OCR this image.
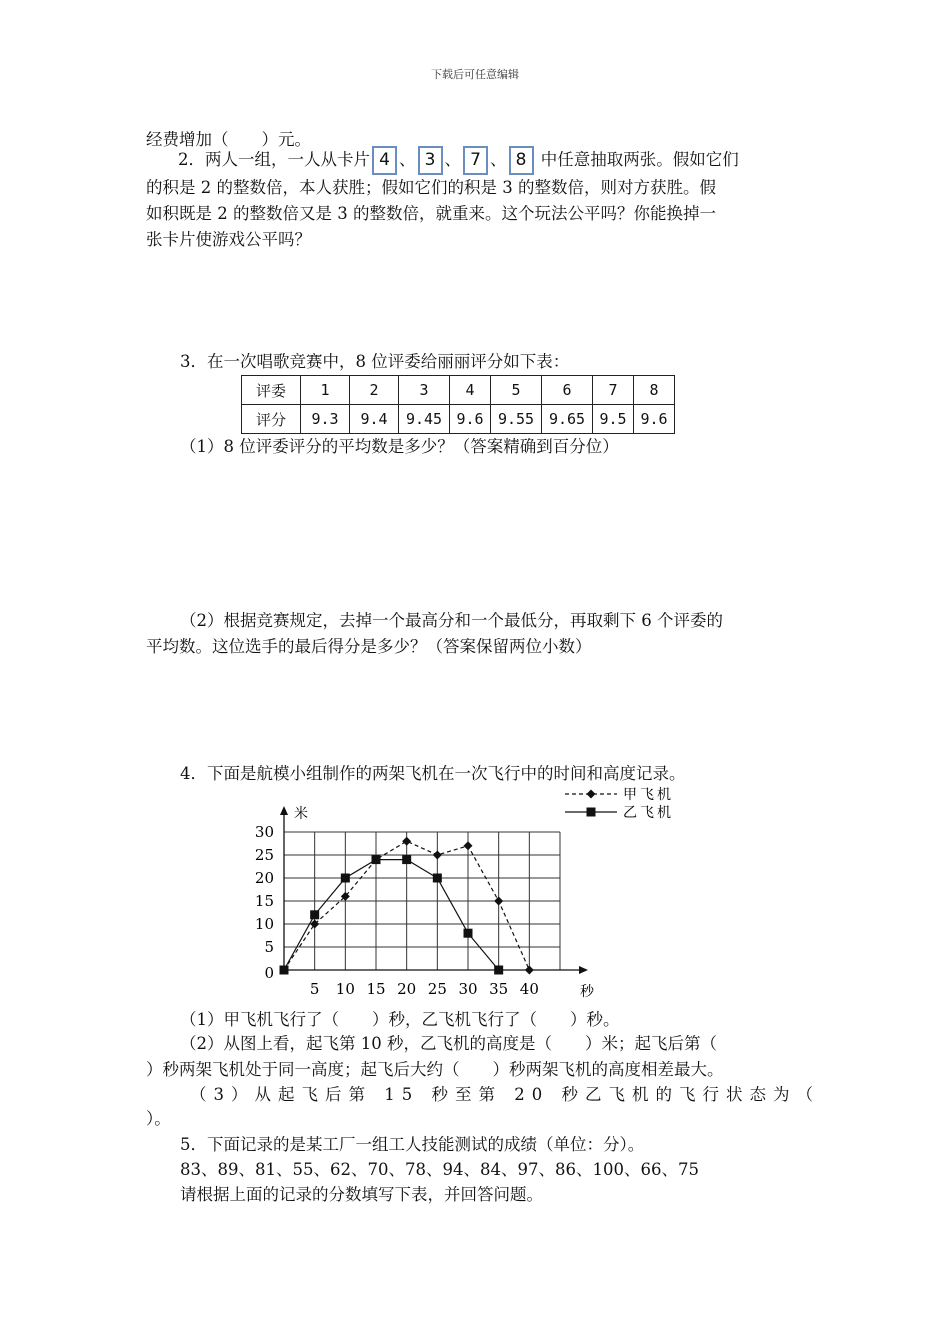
下载后可任意编辑
经费增加（　　）元。
2．两人一组，一人从卡片 4 、 3 、 7 、 8 中任意抽取两张。假如它们
的积是 2 的整数倍，本人获胜；假如它们的积是 3 的整数倍，则对方获胜。假
如积既是 2 的整数倍又是 3 的整数倍，就重来。这个玩法公平吗？你能换掉一
张卡片使游戏公平吗？
3．在一次唱歌竞赛中，8 位评委给丽丽评分如下表：
评委	1	2	3	4	5	6	7	8
评分	9.3	9.4	9.45	9.6	9.55	9.65	9.5	9.6
（1）8 位评委评分的平均数是多少？（答案精确到百分位）
（2）根据竞赛规定，去掉一个最高分和一个最低分，再取剩下 6 个评委的
平均数。这位选手的最后得分是多少？（答案保留两位小数）
4．下面是航模小组制作的两架飞机在一次飞行中的时间和高度记录。
5 10 15 20 25 30 35 40
0
5
10
15
20
25
30
秒
米
甲飞机
乙飞机
（1）甲飞机飞行了（　　）秒，乙飞机飞行了（　　）秒。
（2）从图上看，起飞第 10 秒，乙飞机的高度是（　　）米；起飞后第（
）秒两架飞机处于同一高度；起飞后大约（　　）秒两架飞机的高度相差最大。
（3）从起飞后第 15 秒至第 20 秒乙飞机的飞行状态为（
）。
5．下面记录的是某工厂一组工人技能测试的成绩（单位：分）。
83、89、81、55、62、70、78、94、84、97、86、100、66、75
请根据上面的记录的分数填写下表，并回答问题。
